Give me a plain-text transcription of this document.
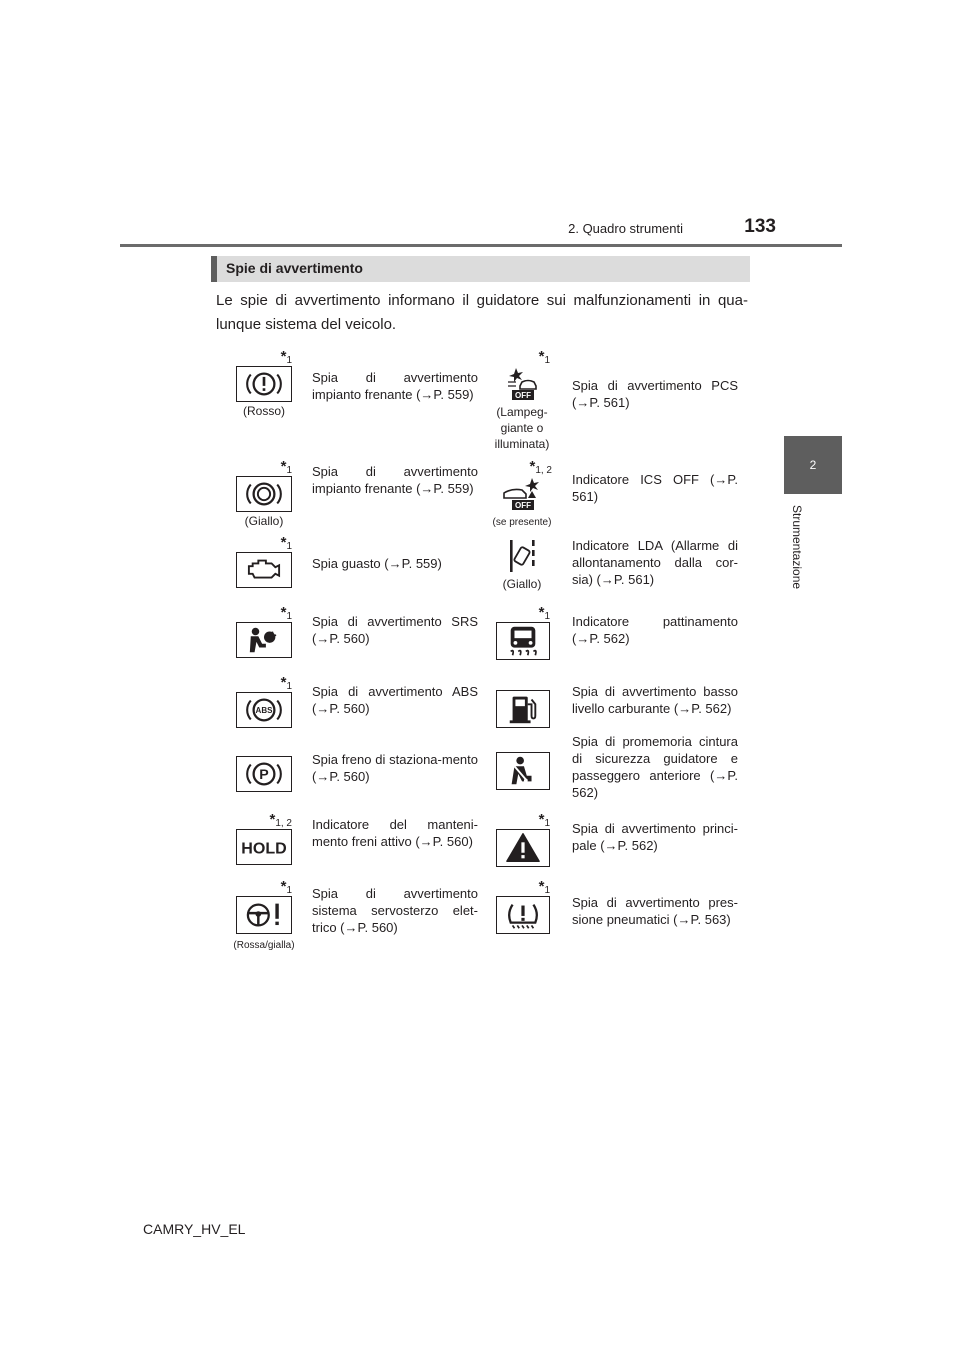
2. Quadro strumenti	133
2
Strumentazione
Spie di avvertimento
Le spie di avvertimento informano il guidatore sui malfunzionamenti in qua-lunque sistema del veicolo.
$*_1$
(Rosso)
Spia di avvertimento impianto frenante (→P. 559)
$*_1$
OFF
(Lampeg-giante o illuminata)
Spia di avvertimento PCS (→P. 561)
$*_1$
(Giallo)
Spia di avvertimento impianto frenante (→P. 559)
$*_{1, 2}$
OFF
(se presente)
Indicatore ICS OFF (→P. 561)
$*_1$
Spia guasto (→P. 559)
(Giallo)
Indicatore LDA (Allarme di allontanamento dalla cor-sia) (→P. 561)
$*_1$ Spia di avvertimento SRS (→P. 560)
$*_1$ Indicatore pattinamento (→P. 562)
$*_1$
ABS
Spia di avvertimento ABS (→P. 560)
Spia di avvertimento basso livello carburante (→P. 562)
P
Spia freno di staziona-mento (→P. 560)
Spia di promemoria cintura di sicurezza guidatore e passeggero anteriore (→P. 562)
$*_{1, 2}$
HOLD
Indicatore del manteni-mento freni attivo (→P. 560)
$*_1$ Spia di avvertimento princi-pale (→P. 562)
$*_1$
(Rossa/gialla)
Spia di avvertimento sistema servosterzo elet-trico (→P. 560)
$*_1$
Spia di avvertimento pres-sione pneumatici (→P. 563)
CAMRY_HV_EL
